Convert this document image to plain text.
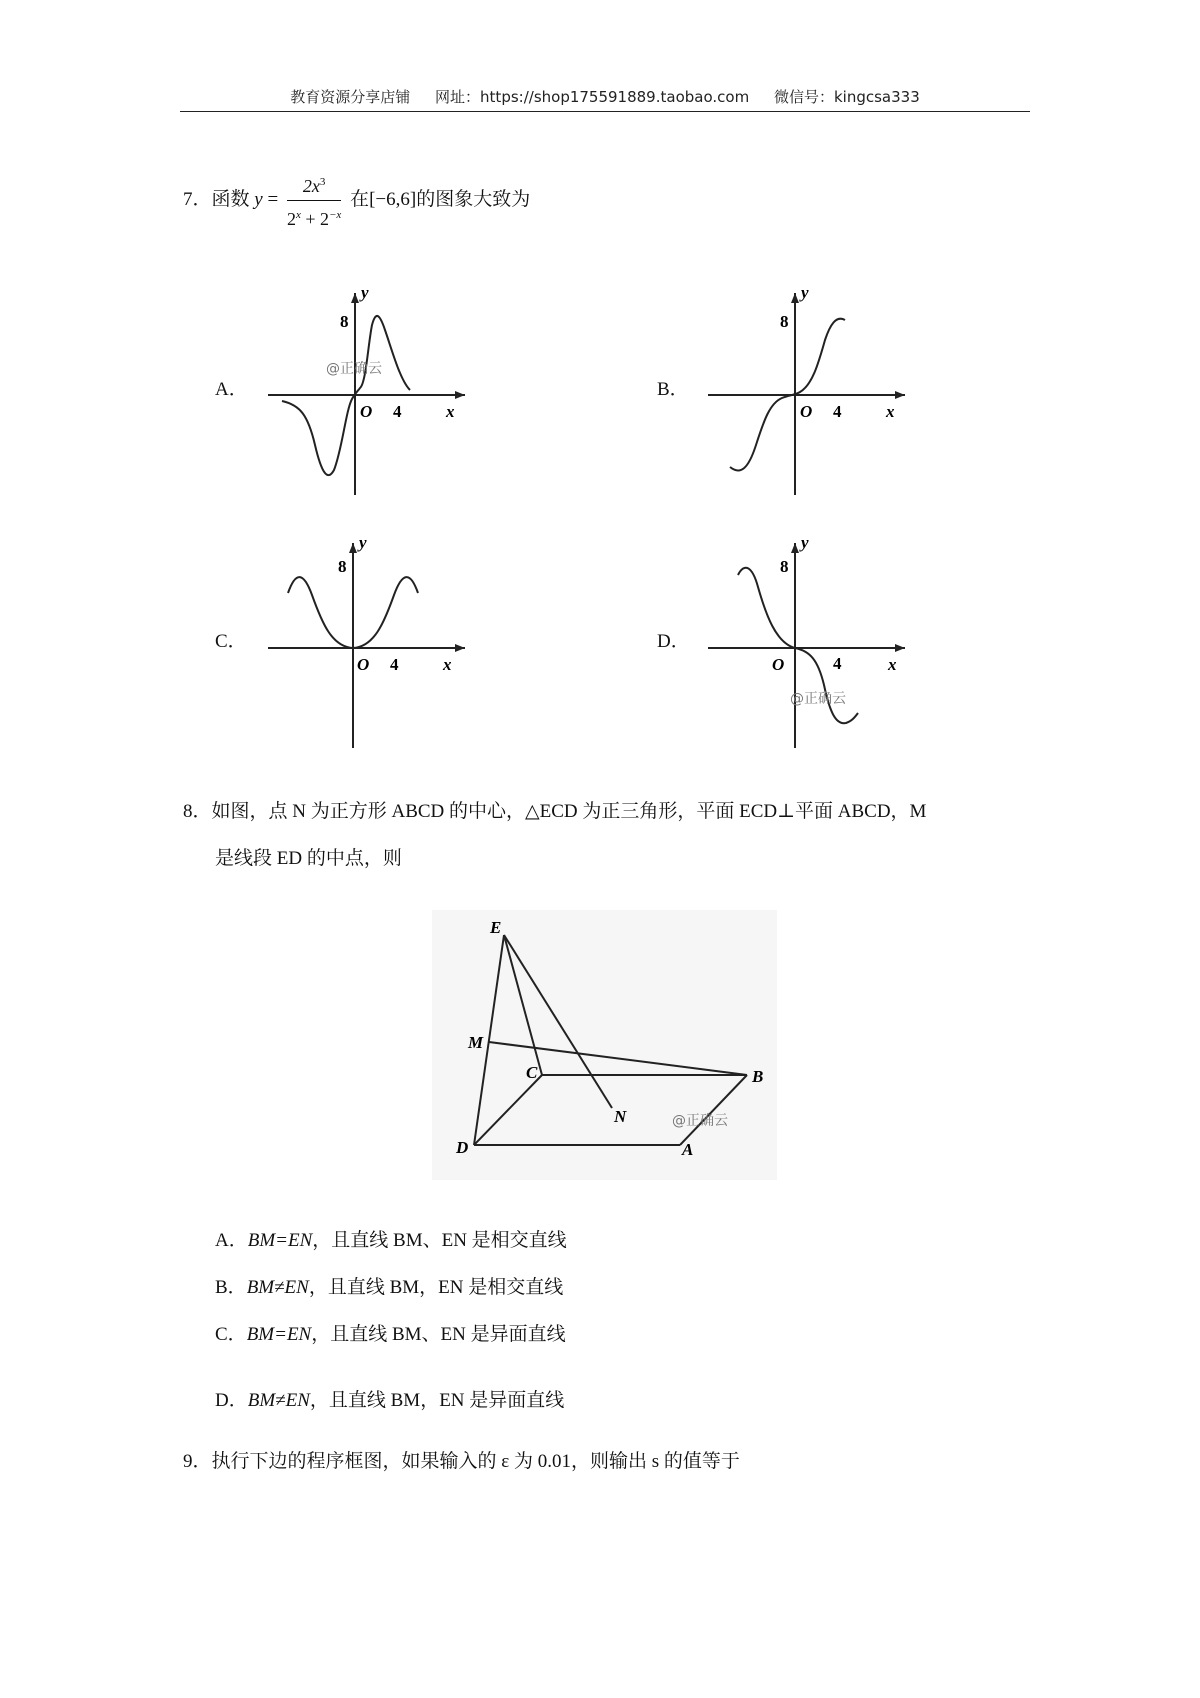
教育资源分享店铺 网址：https://shop175591889.taobao.com 微信号：kingcsa333
7．函数 $y = \frac{2x^3}{2^x + 2^{-x}}$ 在[−6,6]的图象大致为
A．
8
y
O 4	x
@正确云
B．
8
y
O 4	x
C．
8
y
O 4	x
D．
8
y
O	4	x
@正确云
8．如图，点 N 为正方形 ABCD 的中心，△ECD 为正三角形，平面 ECD⊥平面 ABCD，M
是线段 ED 的中点，则
E
M
C	B
N
D	A
@正确云
A．BM=EN，且直线 BM、EN 是相交直线
B．BM≠EN，且直线 BM，EN 是相交直线
C．BM=EN，且直线 BM、EN 是异面直线
D．BM≠EN，且直线 BM，EN 是异面直线
9．执行下边的程序框图，如果输入的 ε 为 0.01，则输出 s 的值等于
